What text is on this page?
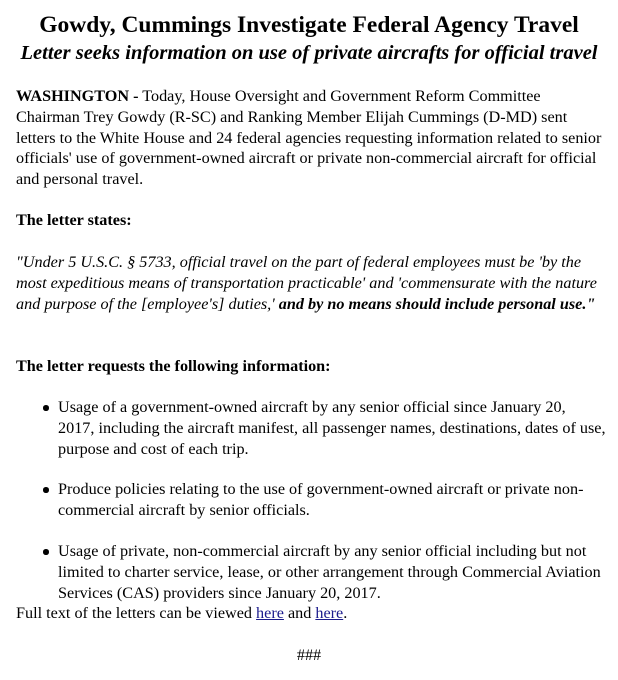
Gowdy, Cummings Investigate Federal Agency Travel
Letter seeks information on use of private aircrafts for official travel

WASHINGTON - Today, House Oversight and Government Reform Committee Chairman Trey Gowdy (R-SC) and Ranking Member Elijah Cummings (D-MD) sent letters to the White House and 24 federal agencies requesting information related to senior officials' use of government-owned aircraft or private non-commercial aircraft for official and personal travel.

The letter states:

"Under 5 U.S.C. § 5733, official travel on the part of federal employees must be 'by the most expeditious means of transportation practicable' and 'commensurate with the nature and purpose of the [employee's] duties,' and by no means should include personal use."

The letter requests the following information:

Usage of a government-owned aircraft by any senior official since January 20, 2017, including the aircraft manifest, all passenger names, destinations, dates of use, purpose and cost of each trip.
Produce policies relating to the use of government-owned aircraft or private non-commercial aircraft by senior officials.
Usage of private, non-commercial aircraft by any senior official including but not limited to charter service, lease, or other arrangement through Commercial Aviation Services (CAS) providers since January 20, 2017.

Full text of the letters can be viewed here and here.

###
